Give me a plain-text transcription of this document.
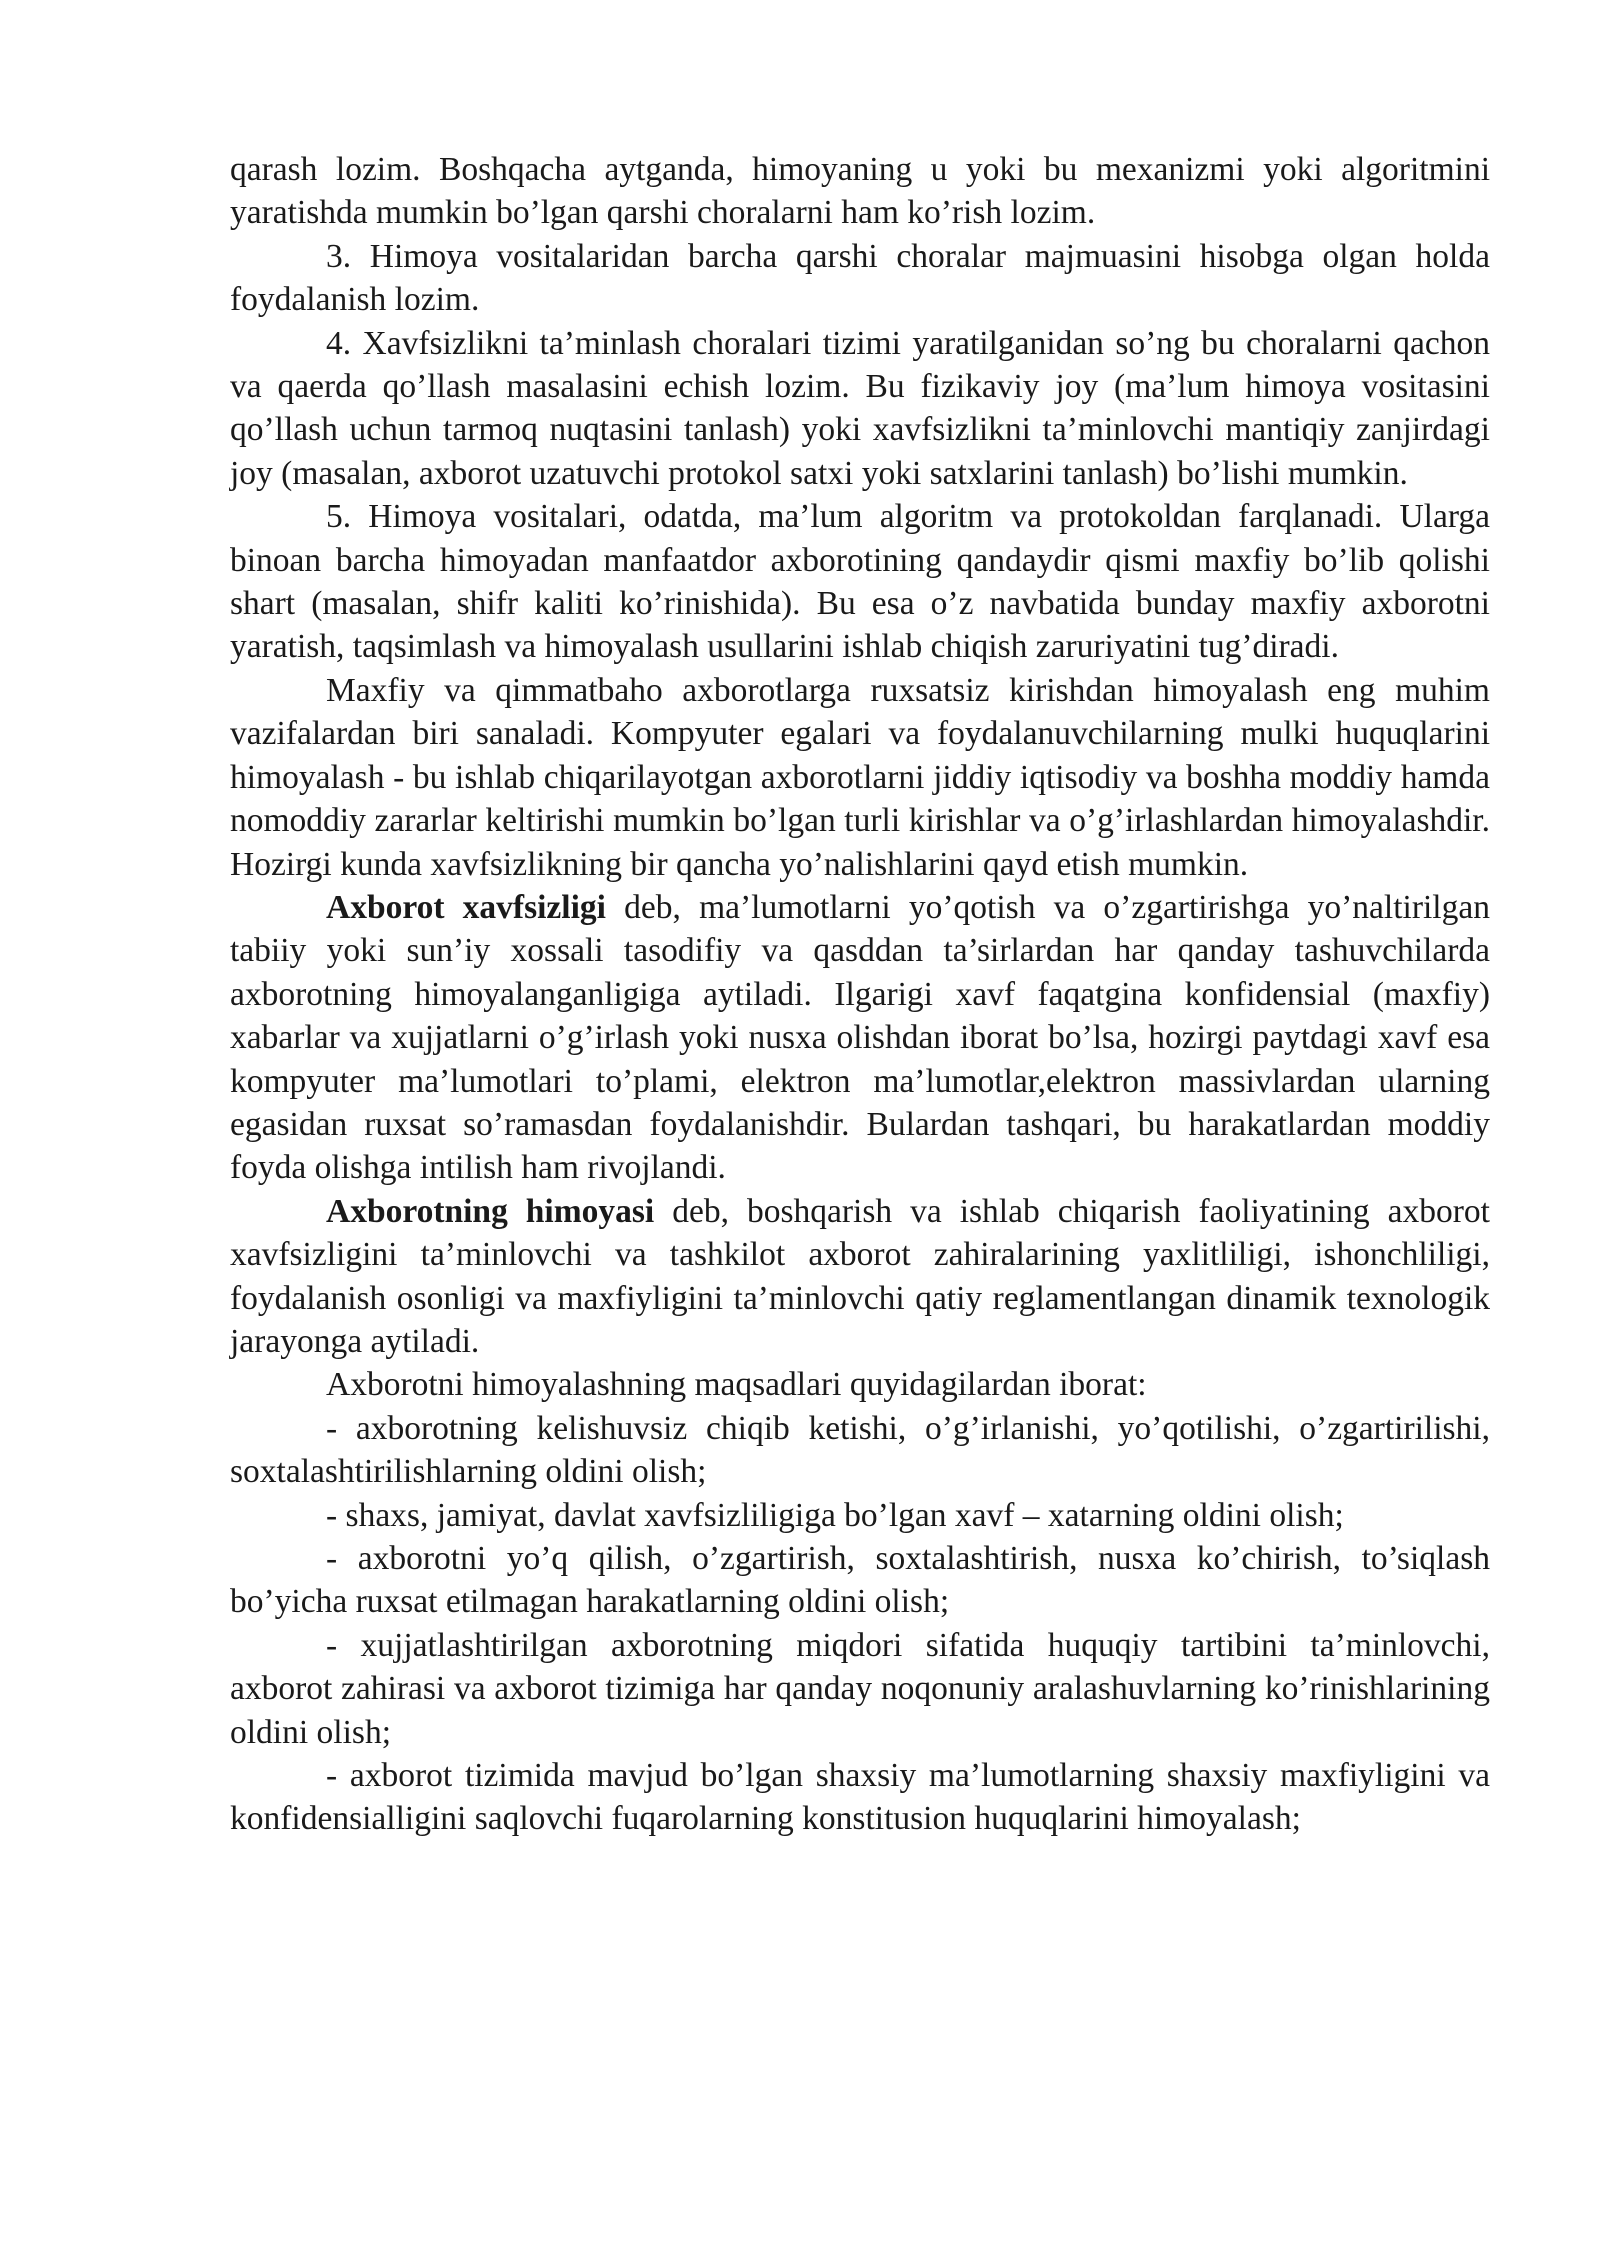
qarash lozim. Boshqacha aytganda, himoyaning u yoki bu mexanizmi yoki algoritmini yaratishda mumkin bo’lgan qarshi choralarni ham ko’rish lozim.

3. Himoya vositalaridan barcha qarshi choralar majmuasini hisobga olgan holda foydalanish lozim.

4. Xavfsizlikni ta’minlash choralari tizimi yaratilganidan so’ng bu choralarni qachon va qaerda qo’llash masalasini echish lozim. Bu fizikaviy joy (ma’lum himoya vositasini qo’llash uchun tarmoq nuqtasini tanlash) yoki xavfsizlikni ta’minlovchi mantiqiy zanjirdagi joy (masalan, axborot uzatuvchi protokol satxi yoki satxlarini tanlash) bo’lishi mumkin.

5. Himoya vositalari, odatda, ma’lum algoritm va protokoldan farqlanadi. Ularga binoan barcha himoyadan manfaatdor axborotining qandaydir qismi maxfiy bo’lib qolishi shart (masalan, shifr kaliti ko’rinishida). Bu esa o’z navbatida bunday maxfiy axborotni yaratish, taqsimlash va himoyalash usullarini ishlab chiqish zaruriyatini tug’diradi.

Maxfiy va qimmatbaho axborotlarga ruxsatsiz kirishdan himoyalash eng muhim vazifalardan biri sanaladi. Kompyuter egalari va foydalanuvchilarning mulki huquqlarini himoyalash - bu ishlab chiqarilayotgan axborotlarni jiddiy iqtisodiy va boshha moddiy hamda nomoddiy zararlar keltirishi mumkin bo’lgan turli kirishlar va o’g’irlashlardan himoyalashdir. Hozirgi kunda xavfsizlikning bir qancha yo’nalishlarini qayd etish mumkin.

Axborot xavfsizligi deb, ma’lumotlarni yo’qotish va o’zgartirishga yo’naltirilgan tabiiy yoki sun’iy xossali tasodifiy va qasddan ta’sirlardan har qanday tashuvchilarda axborotning himoyalanganligiga aytiladi. Ilgarigi xavf faqatgina konfidensial (maxfiy) xabarlar va xujjatlarni o’g’irlash yoki nusxa olishdan iborat bo’lsa, hozirgi paytdagi xavf esa kompyuter ma’lumotlari to’plami, elektron ma’lumotlar,elektron massivlardan ularning egasidan ruxsat so’ramasdan foydalanishdir. Bulardan tashqari, bu harakatlardan moddiy foyda olishga intilish ham rivojlandi.

Axborotning himoyasi deb, boshqarish va ishlab chiqarish faoliyatining axborot xavfsizligini ta’minlovchi va tashkilot axborot zahiralarining yaxlitliligi, ishonchliligi, foydalanish osonligi va maxfiyligini ta’minlovchi qatiy reglamentlangan dinamik texnologik jarayonga aytiladi.

Axborotni himoyalashning maqsadlari quyidagilardan iborat:

- axborotning kelishuvsiz chiqib ketishi, o’g’irlanishi, yo’qotilishi, o’zgartirilishi, soxtalashtirilishlarning oldini olish;

- shaxs, jamiyat, davlat xavfsizliligiga bo’lgan xavf – xatarning oldini olish;

- axborotni yo’q qilish, o’zgartirish, soxtalashtirish, nusxa ko’chirish, to’siqlash bo’yicha ruxsat etilmagan harakatlarning oldini olish;

- xujjatlashtirilgan axborotning miqdori sifatida huquqiy tartibini ta’minlovchi, axborot zahirasi va axborot tizimiga har qanday noqonuniy aralashuvlarning ko’rinishlarining oldini olish;

- axborot tizimida mavjud bo’lgan shaxsiy ma’lumotlarning shaxsiy maxfiyligini va konfidensialligini saqlovchi fuqarolarning konstitusion huquqlarini himoyalash;
